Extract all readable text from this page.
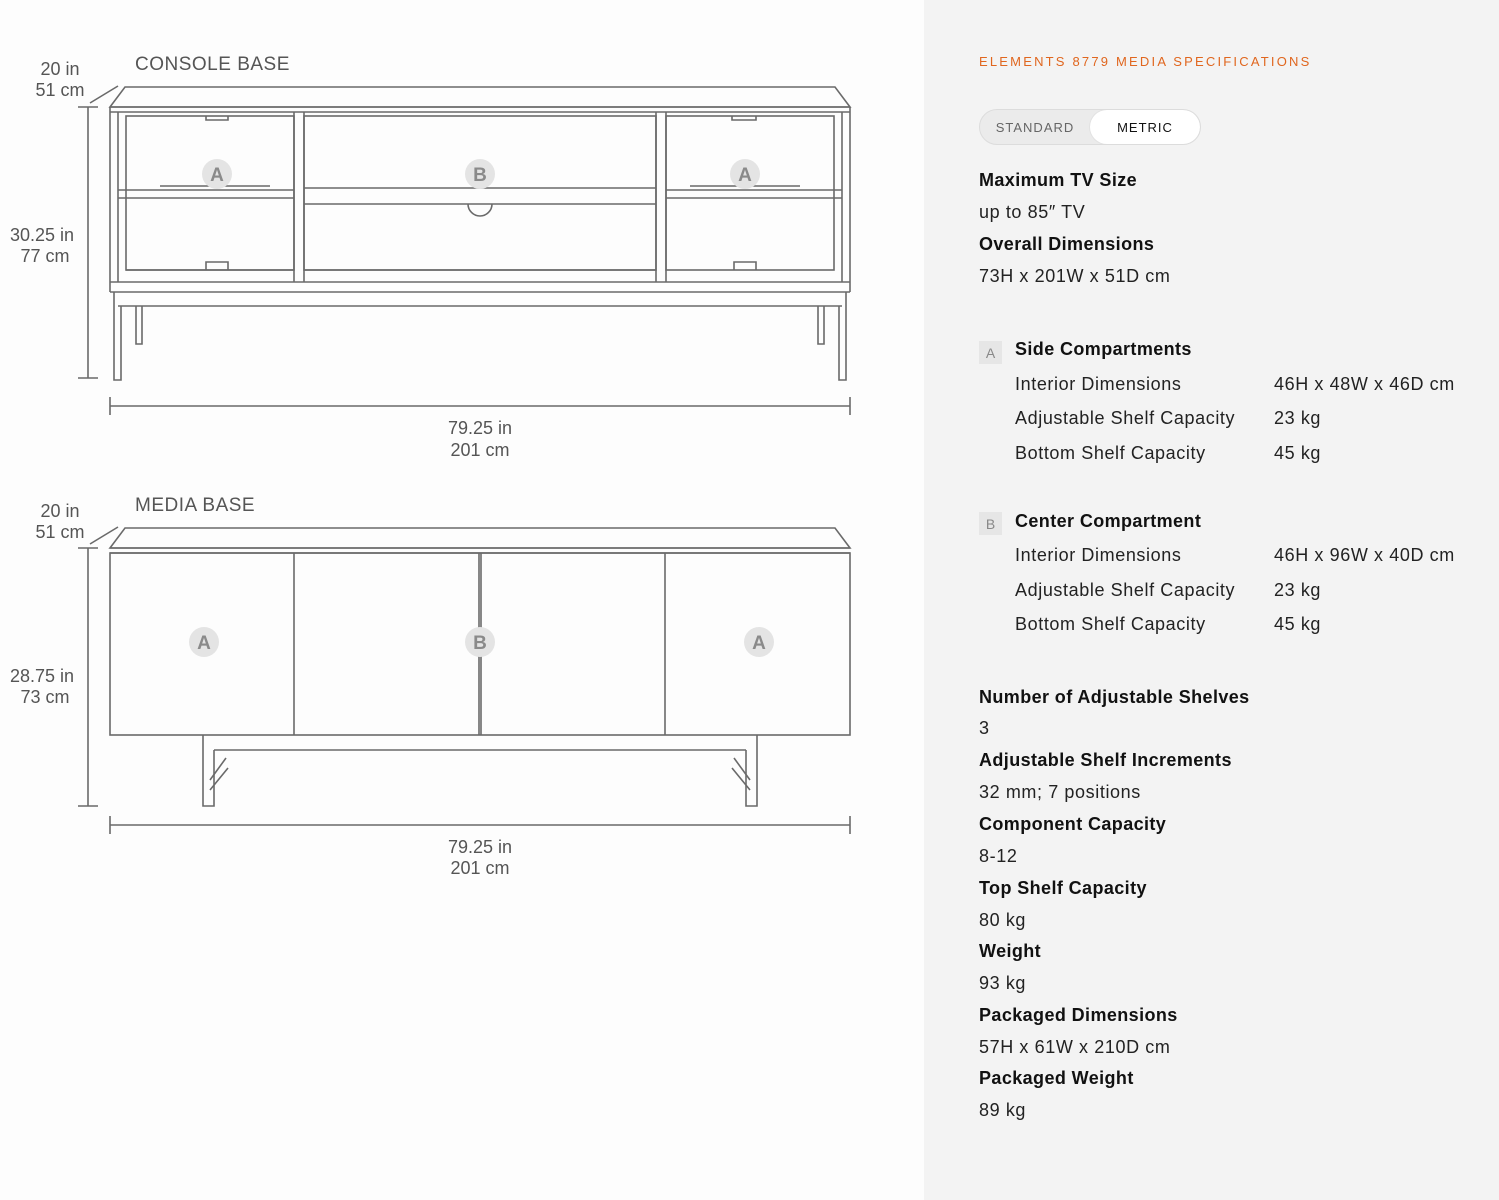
A	B	A
A	B	A
CONSOLE BASE
20 in
51 cm
30.25 in
77 cm
79.25 in
201 cm
MEDIA BASE
20 in
51 cm
28.75 in
73 cm
79.25 in
201 cm
ELEMENTS 8779 MEDIA SPECIFICATIONS
STANDARD	METRIC
Maximum TV Size
up to 85″ TV
Overall Dimensions
73H x 201W x 51D cm
A	Side Compartments
Interior Dimensions	46H x 48W x 46D cm
Adjustable Shelf Capacity 23 kg
Bottom Shelf Capacity	45 kg
B	Center Compartment
Interior Dimensions	46H x 96W x 40D cm
Adjustable Shelf Capacity 23 kg
Bottom Shelf Capacity	45 kg
Number of Adjustable Shelves
3
Adjustable Shelf Increments
32 mm; 7 positions
Component Capacity
8-12
Top Shelf Capacity
80 kg
Weight
93 kg
Packaged Dimensions
57H x 61W x 210D cm
Packaged Weight
89 kg
